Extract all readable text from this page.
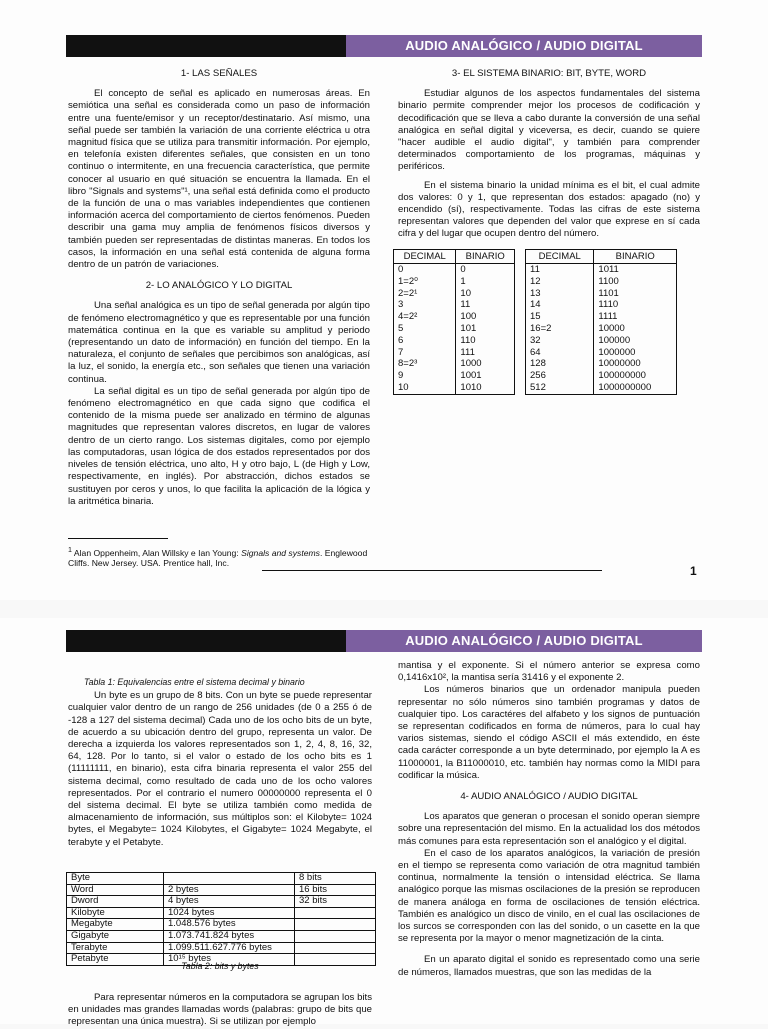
AUDIO ANALÓGICO / AUDIO DIGITAL
1- LAS SEÑALES

El concepto de señal es aplicado en numerosas áreas. En semiótica una señal es considerada como un paso de información entre una fuente/emisor y un receptor/destinatario. Así mismo, una señal puede ser también la variación de una corriente eléctrica u otra magnitud física que se utiliza para transmitir información. Por ejemplo, en telefonía existen diferentes señales, que consisten en un tono continuo o intermitente, en una frecuencia característica, que permite conocer al usuario en qué situación se encuentra la llamada. En el libro "Signals and systems"¹, una señal está definida como el producto de la función de una o mas variables independientes que contienen información acerca del comportamiento de ciertos fenómenos. Pueden describir una gama muy amplia de fenómenos físicos diversos y también pueden ser representadas de distintas maneras. En todos los casos, la información en una señal está contenida de alguna forma dentro de un patrón de variaciones.

2- LO ANALÓGICO Y LO DIGITAL

Una señal analógica es un tipo de señal generada por algún tipo de fenómeno electromagnético y que es representable por una función matemática continua en la que es variable su amplitud y periodo (representando un dato de información) en función del tiempo. En la naturaleza, el conjunto de señales que percibimos son analógicas, así la luz, el sonido, la energía etc., son señales que tienen una variación continua.

La señal digital es un tipo de señal generada por algún tipo de fenómeno electromagnético en que cada signo que codifica el contenido de la misma puede ser analizado en término de algunas magnitudes que representan valores discretos, en lugar de valores dentro de un cierto rango. Los sistemas digitales, como por ejemplo las computadoras, usan lógica de dos estados representados por dos niveles de tensión eléctrica, uno alto, H y otro bajo, L (de High y Low, respectivamente, en inglés). Por abstracción, dichos estados se sustituyen por ceros y unos, lo que facilita la aplicación de la lógica y la aritmética binaria.

$^1$ Alan Oppenheim, Alan Willsky e Ian Young: Signals and systems. Englewood Cliffs. New Jersey. USA. Prentice hall, Inc.
3- EL SISTEMA BINARIO: BIT, BYTE, WORD

Estudiar algunos de los aspectos fundamentales del sistema binario permite comprender mejor los procesos de codificación y decodificación que se lleva a cabo durante la conversión de una señal analógica en señal digital y viceversa, es decir, cuando se quiere "hacer audible el audio digital", y también para comprender determinados comportamiento de los programas, máquinas y periféricos.

En el sistema binario la unidad mínima es el bit, el cual admite dos valores: 0 y 1, que representan dos estados: apagado (no) y encendido (sí), respectivamente. Todas las cifras de este sistema representan valores que dependen del valor que exprese en sí cada cifra y del lugar que ocupen dentro del número.

DECIMAL	BINARIO
0	0
1=2⁰	1
2=2¹	10
3	11
4=2²	100
5	101
6	110
7	111
8=2³	1000
9	1001
10	1010
DECIMAL	BINARIO
11	1011
12	1100
13	1101
14	1110
15	1111
16=2	10000
32	100000
64	1000000
128	10000000
256	100000000
512	1000000000
1
AUDIO ANALÓGICO / AUDIO DIGITAL
Tabla 1: Equivalencias entre el sistema decimal y binario

Un byte es un grupo de 8 bits. Con un byte se puede representar cualquier valor dentro de un rango de 256 unidades (de 0 a 255 ó de -128 a 127 del sistema decimal) Cada uno de los ocho bits de un byte, de acuerdo a su ubicación dentro del grupo, representa un valor. De derecha a izquierda los valores representados son 1, 2, 4, 8, 16, 32, 64, 128. Por lo tanto, si el valor o estado de los ocho bits es 1 (11111111, en binario), esta cifra binaria representa el valor 255 del sistema decimal, como resultado de cada uno de los ocho valores representados. Por el contrario el numero 00000000 representa el 0 del sistema decimal. El byte se utiliza también como medida de almacenamiento de información, sus múltiplos son: el Kilobyte= 1024 bytes, el Megabyte= 1024 Kilobytes, el Gigabyte= 1024 Megabyte, el terabyte y el Petabyte.

Byte		8 bits
Word	2 bytes	16 bits
Dword	4 bytes	32 bits
Kilobyte	1024 bytes	
Megabyte	1.048.576 bytes	
Gigabyte	1.073.741.824 bytes	
Terabyte	1.099.511.627.776 bytes	
Petabyte	10¹⁵ bytes	
Tabla 2: bits y bytes

Para representar números en la computadora se agrupan los bits en unidades mas grandes llamadas words (palabras: grupo de bits que representan una única muestra). Si se utilizan por ejemplo

mantisa y el exponente. Si el número anterior se expresa como 0,1416x10², la mantisa sería 31416 y el exponente 2.

Los números binarios que un ordenador manipula pueden representar no sólo números sino también programas y datos de cualquier tipo. Los caractéres del alfabeto y los signos de puntuación se representan codificados en forma de números, para lo cual hay varios sistemas, siendo el código ASCII el más extendido, en éste cada carácter corresponde a un byte determinado, por ejemplo la A es 11000001, la B11000010, etc. también hay normas como la MIDI para codificar la música.

4- AUDIO ANALÓGICO / AUDIO DIGITAL

Los aparatos que generan o procesan el sonido operan siempre sobre una representación del mismo. En la actualidad los dos métodos más comunes para esta representación son el analógico y el digital.

En el caso de los aparatos analógicos, la variación de presión en el tiempo se representa como variación de otra magnitud también continua, normalmente la tensión o intensidad eléctrica. Se llama analógico porque las mismas oscilaciones de la presión se reproducen de manera análoga en forma de oscilaciones de tensión eléctrica. También es analógico un disco de vinilo, en el cual las oscilaciones de los surcos se corresponden con las del sonido, o un casette en la que se representa por la mayor o menor magnetización de la cinta.

En un aparato digital el sonido es representado como una serie de números, llamados muestras, que son las medidas de la
